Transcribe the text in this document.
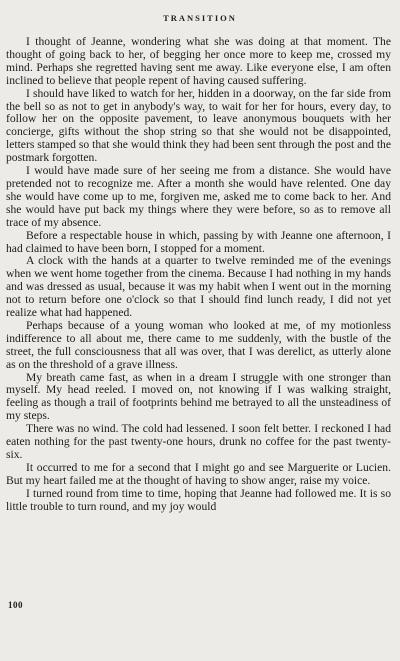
TRANSITION

I thought of Jeanne, wondering what she was doing at that moment. The thought of going back to her, of begging her once more to keep me, crossed my mind. Perhaps she regretted having sent me away. Like everyone else, I am often inclined to believe that people repent of having caused suffering.

I should have liked to watch for her, hidden in a doorway, on the far side from the bell so as not to get in anybody's way, to wait for her for hours, every day, to follow her on the opposite pavement, to leave anonymous bouquets with her concierge, gifts without the shop string so that she would not be disappointed, letters stamped so that she would think they had been sent through the post and the postmark forgotten.

I would have made sure of her seeing me from a distance. She would have pretended not to recognize me. After a month she would have relented. One day she would have come up to me, forgiven me, asked me to come back to her. And she would have put back my things where they were before, so as to remove all trace of my absence.

Before a respectable house in which, passing by with Jeanne one afternoon, I had claimed to have been born, I stopped for a moment.

A clock with the hands at a quarter to twelve reminded me of the evenings when we went home together from the cinema. Because I had nothing in my hands and was dressed as usual, because it was my habit when I went out in the morning not to return before one o'clock so that I should find lunch ready, I did not yet realize what had happened.

Perhaps because of a young woman who looked at me, of my motionless indifference to all about me, there came to me suddenly, with the bustle of the street, the full consciousness that all was over, that I was derelict, as utterly alone as on the threshold of a grave illness.

My breath came fast, as when in a dream I struggle with one stronger than myself. My head reeled. I moved on, not knowing if I was walking straight, feeling as though a trail of footprints behind me betrayed to all the unsteadiness of my steps.

There was no wind. The cold had lessened. I soon felt better. I reckoned I had eaten nothing for the past twenty-one hours, drunk no coffee for the past twenty-six.

It occurred to me for a second that I might go and see Marguerite or Lucien. But my heart failed me at the thought of having to show anger, raise my voice.

I turned round from time to time, hoping that Jeanne had followed me. It is so little trouble to turn round, and my joy would

100
